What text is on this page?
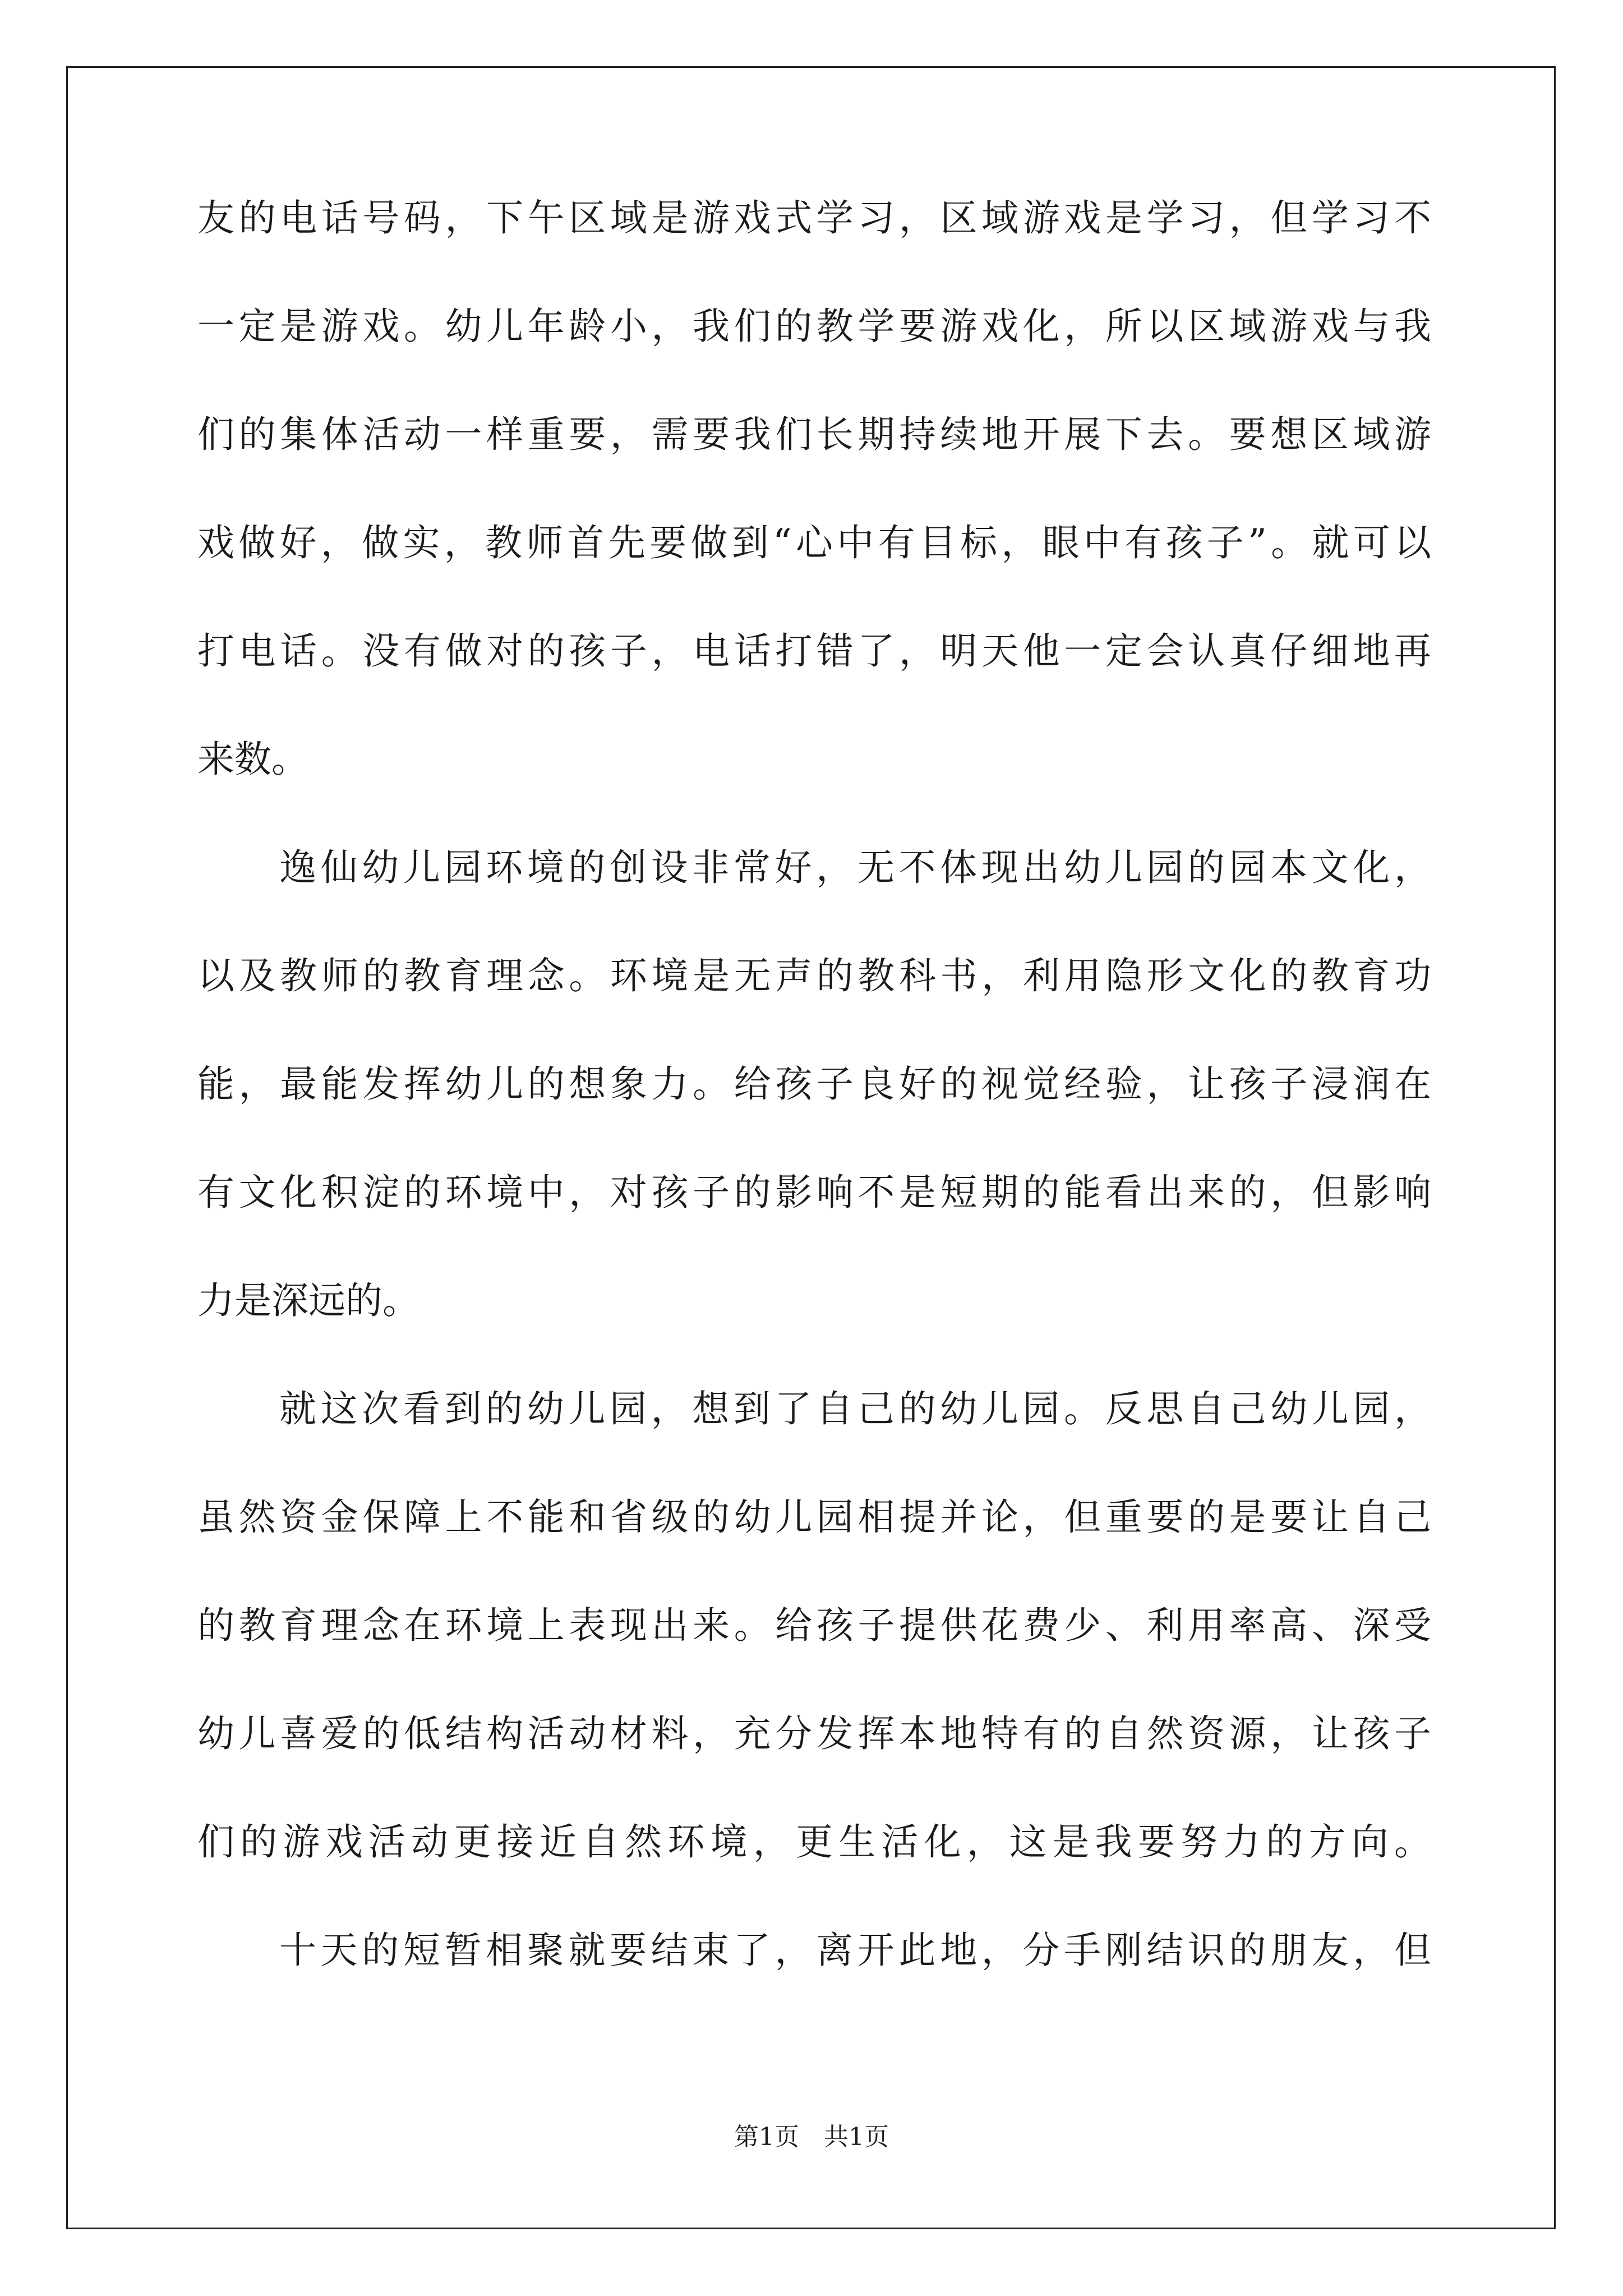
友的电话号码，下午区域是游戏式学习，区域游戏是学习，但学习不
一定是游戏。幼儿年龄小，我们的教学要游戏化，所以区域游戏与我
们的集体活动一样重要，需要我们长期持续地开展下去。要想区域游
戏做好，做实，教师首先要做到“心中有目标，眼中有孩子”。就可以
打电话。没有做对的孩子，电话打错了，明天他一定会认真仔细地再
来数。
逸仙幼儿园环境的创设非常好，无不体现出幼儿园的园本文化，
以及教师的教育理念。环境是无声的教科书，利用隐形文化的教育功
能，最能发挥幼儿的想象力。给孩子良好的视觉经验，让孩子浸润在
有文化积淀的环境中，对孩子的影响不是短期的能看出来的，但影响
力是深远的。
就这次看到的幼儿园，想到了自己的幼儿园。反思自己幼儿园，
虽然资金保障上不能和省级的幼儿园相提并论，但重要的是要让自己
的教育理念在环境上表现出来。给孩子提供花费少、利用率高、深受
幼儿喜爱的低结构活动材料，充分发挥本地特有的自然资源，让孩子
们的游戏活动更接近自然环境，更生活化，这是我要努力的方向。
十天的短暂相聚就要结束了，离开此地，分手刚结识的朋友，但
第1页　共1页
